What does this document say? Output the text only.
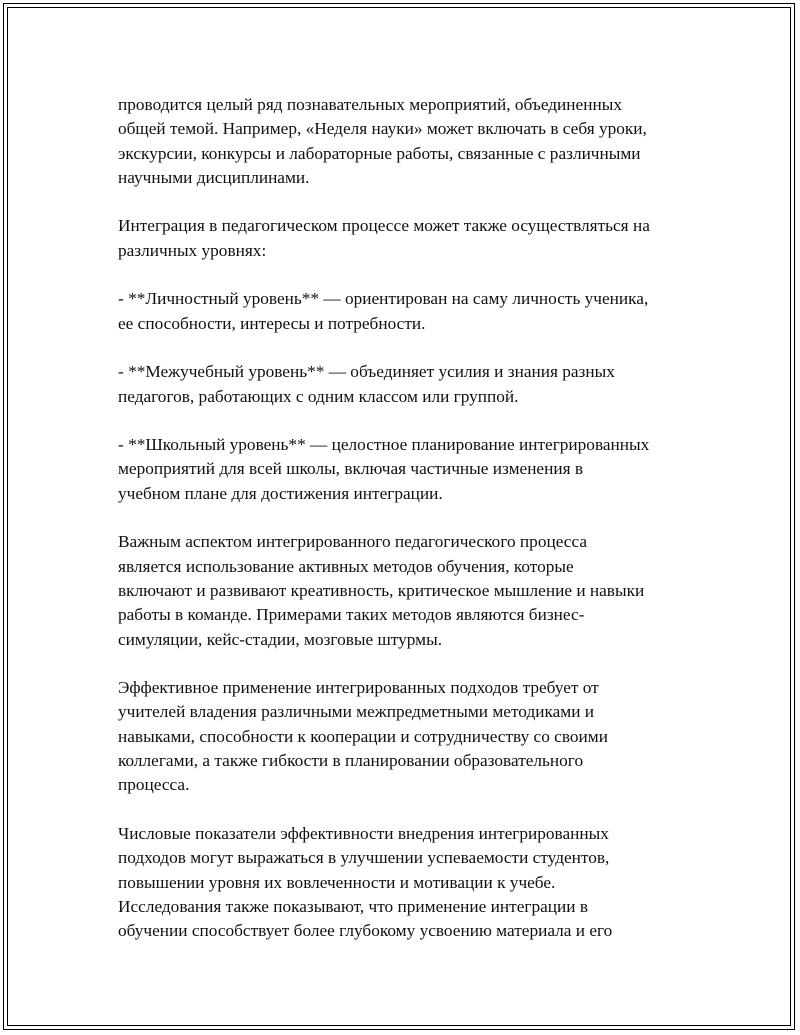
проводится целый ряд познавательных мероприятий, объединенных
общей темой. Например, «Неделя науки» может включать в себя уроки,
экскурсии, конкурсы и лабораторные работы, связанные с различными
научными дисциплинами.

Интеграция в педагогическом процессе может также осуществляться на
различных уровнях:

- **Личностный уровень** — ориентирован на саму личность ученика,
ее способности, интересы и потребности.

- **Межучебный уровень** — объединяет усилия и знания разных
педагогов, работающих с одним классом или группой.

- **Школьный уровень** — целостное планирование интегрированных
мероприятий для всей школы, включая частичные изменения в
учебном плане для достижения интеграции.

Важным аспектом интегрированного педагогического процесса
является использование активных методов обучения, которые
включают и развивают креативность, критическое мышление и навыки
работы в команде. Примерами таких методов являются бизнес-
симуляции, кейс-стадии, мозговые штурмы.

Эффективное применение интегрированных подходов требует от
учителей владения различными межпредметными методиками и
навыками, способности к кооперации и сотрудничеству со своими
коллегами, а также гибкости в планировании образовательного
процесса.

Числовые показатели эффективности внедрения интегрированных
подходов могут выражаться в улучшении успеваемости студентов,
повышении уровня их вовлеченности и мотивации к учебе.
Исследования также показывают, что применение интеграции в
обучении способствует более глубокому усвоению материала и его
